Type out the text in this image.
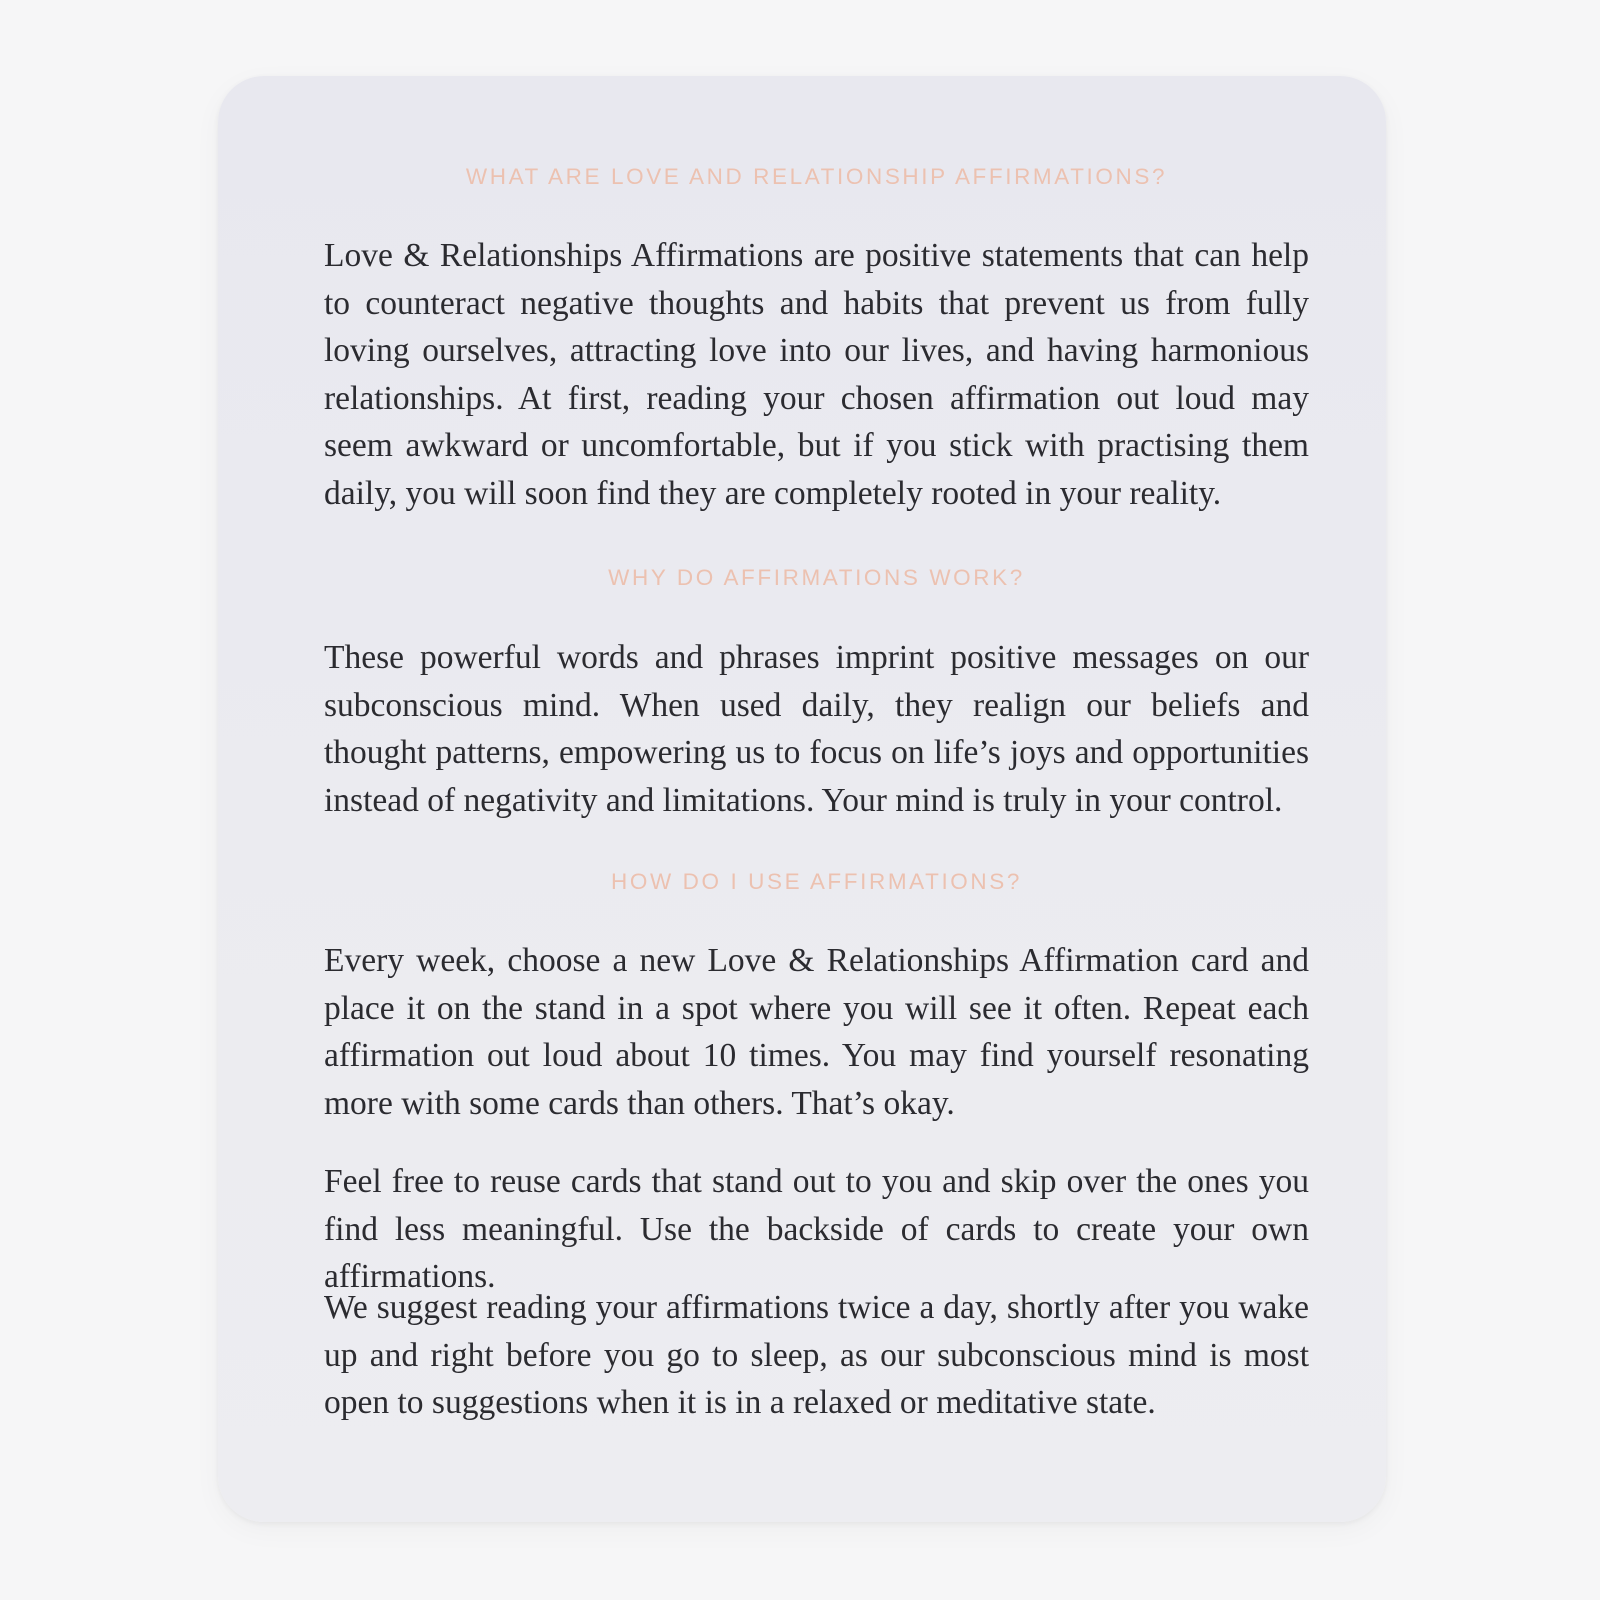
WHAT ARE LOVE AND RELATIONSHIP AFFIRMATIONS?

Love & Relationships Affirmations are positive statements that can help to counteract negative thoughts and habits that prevent us from fully loving ourselves, attracting love into our lives, and having harmonious relationships. At first, reading your chosen affirmation out loud may seem awkward or uncomfortable, but if you stick with practising them daily, you will soon find they are completely rooted in your reality.

WHY DO AFFIRMATIONS WORK?

These powerful words and phrases imprint positive messages on our subconscious mind. When used daily, they realign our beliefs and thought patterns, empowering us to focus on life’s joys and opportunities instead of negativity and limitations. Your mind is truly in your control.

HOW DO I USE AFFIRMATIONS?

Every week, choose a new Love & Relationships Affirmation card and place it on the stand in a spot where you will see it often. Repeat each affirmation out loud about 10 times. You may find yourself resonating more with some cards than others. That’s okay.

Feel free to reuse cards that stand out to you and skip over the ones you find less meaningful. Use the backside of cards to create your own affirmations.

We suggest reading your affirmations twice a day, shortly after you wake up and right before you go to sleep, as our subconscious mind is most open to suggestions when it is in a relaxed or meditative state.
